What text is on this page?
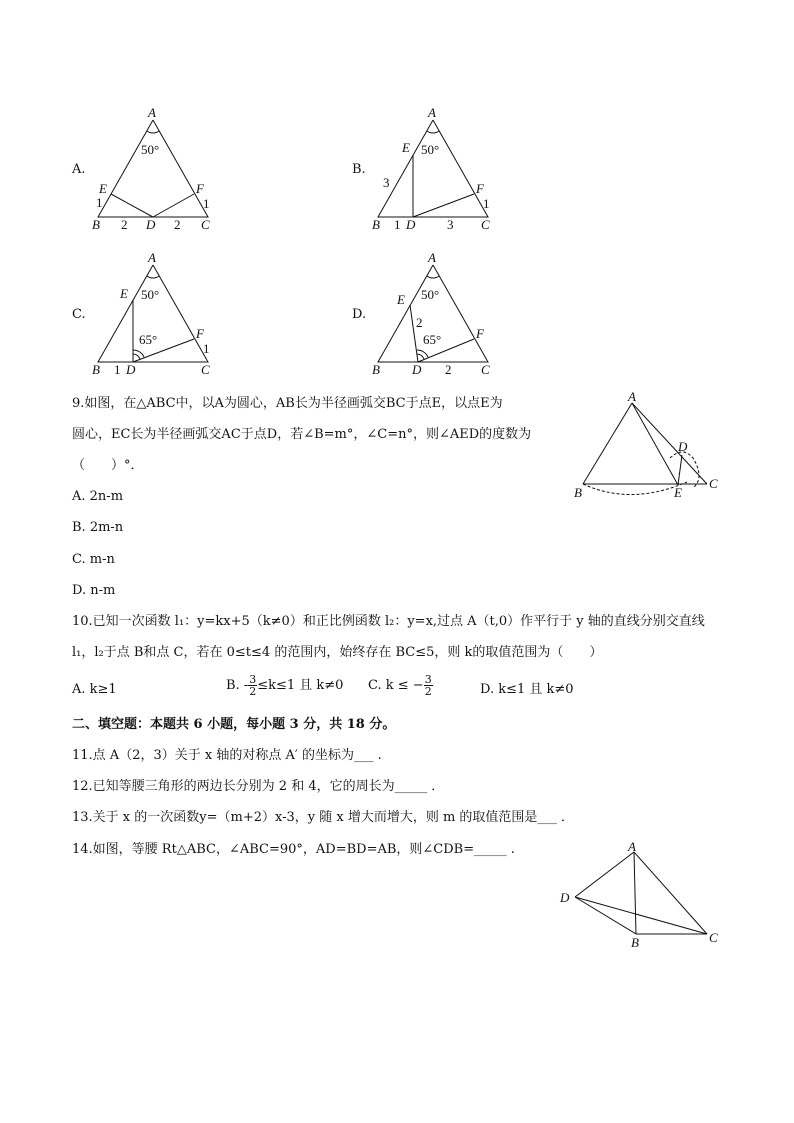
A.
A
50°
E	F
1	1
B 2 D 2 C
B.
A
E 50°
3	F
1
B 1 D 3 C
C.
A
E 50°
65°	F
1
B 1 D	C
D.
A
E 50°
2
65°	F
B D 2 C
9.如图，在△ABC中，以A为圆心，AB长为半径画弧交BC于点E，以点E为
圆心，EC长为半径画弧交AC于点D，若∠B=m°，∠C=n°，则∠AED的度数为
（　　）°．
A. 2n-m
B. 2m-n
C. m-n
D. n-m
A
D
B	E
C
10.已知一次函数 l₁：y=kx+5（k≠0）和正比例函数 l₂：y=x,过点 A（t,0）作平行于 y 轴的直线分别交直线
l₁，l₂于点 B和点 C，若在 0≤t≤4 的范围内，始终存在 BC≤5，则 k的取值范围为（　　）
A. k≥1	B. - $\frac{3}{2} \le k\le 1$ 且 k≠0 C. k ≤ − $\frac{3}{2}$	D. k≤1 且 k≠0
二、填空题：本题共 6 小题，每小题 3 分，共 18 分。
11.点 A（2，3）关于 x 轴的对称点 A′ 的坐标为___ .
12.已知等腰三角形的两边长分别为 2 和 4，它的周长为_____ ．
13.关于 x 的一次函数y=（m+2）x-3，y 随 x 增大而增大，则 m 的取值范围是___ ．
14.如图，等腰 Rt△ABC，∠ABC=90°，AD=BD=AB，则∠CDB=_____ .	A
D
B	C
